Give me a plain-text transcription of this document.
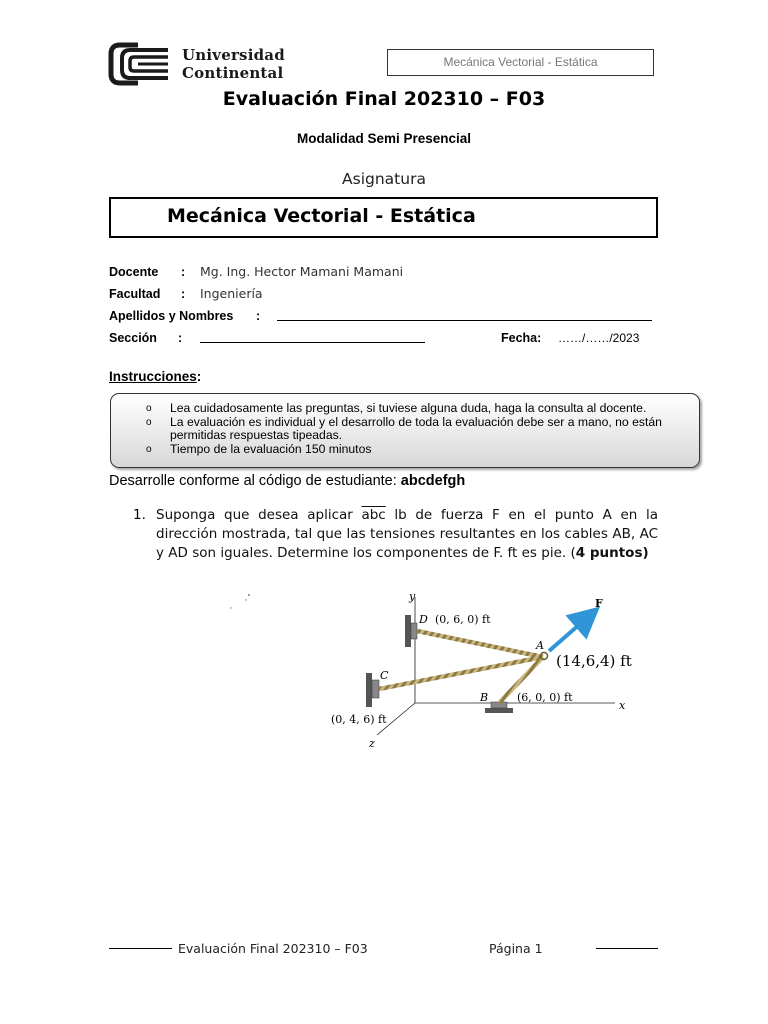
Universidad
Continental
Mecánica Vectorial - Estática
Evaluación Final 202310 – F03
Modalidad Semi Presencial
Asignatura
Mecánica Vectorial - Estática
Docente : Mg. Ing. Hector Mamani Mamani
Facultad : Ingeniería
Apellidos y Nombres :
Sección :	Fecha: ……/……/2023
Instrucciones:
o Lea cuidadosamente las preguntas, si tuviese alguna duda, haga la consulta al docente.
o La evaluación es individual y el desarrollo de toda la evaluación debe ser a mano, no están permitidas respuestas tipeadas.
o Tiempo de la evaluación 150 minutos
Desarrolle conforme al código de estudiante: abcdefgh
1. Suponga que desea aplicar $\overline{abc}$ lb de fuerza F en el punto A en la dirección mostrada, tal que las tensiones resultantes en los cables AB, AC y AD son iguales. Determine los componentes de F. ft es pie. (4 puntos)
y
x
z
D (0, 6, 0) ft
C
(0, 4, 6) ft
B	(6, 0, 0) ft
A
(14,6,4) ft
F
Evaluación Final 202310 – F03	Página 1
